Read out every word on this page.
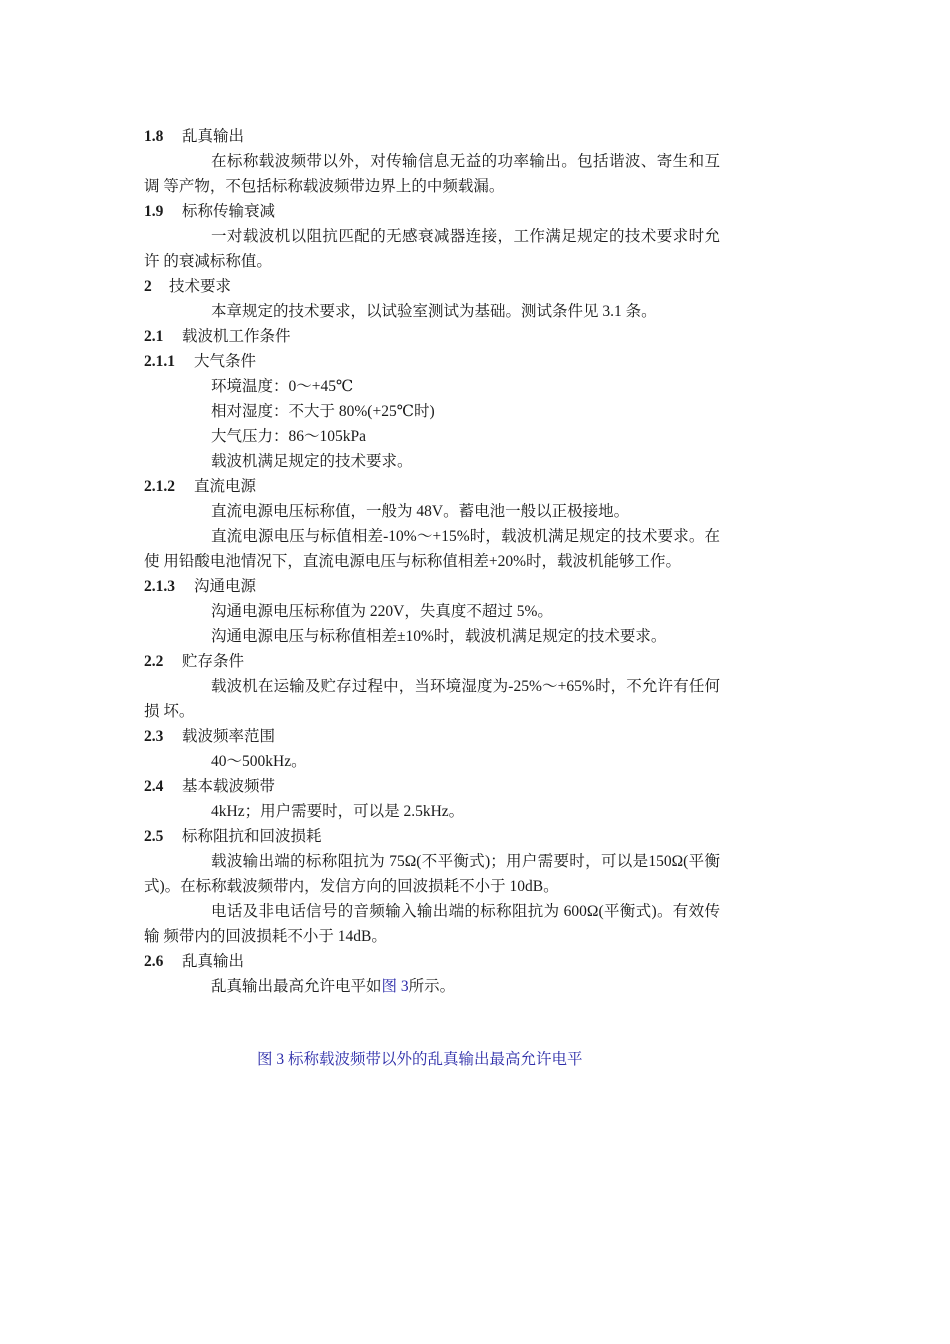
1.8 乱真输出
在标称载波频带以外，对传输信息无益的功率输出。包括谐波、寄生和互调 等产物，不包括标称载波频带边界上的中频载漏。
1.9 标称传输衰减
一对载波机以阻抗匹配的无感衰减器连接，工作满足规定的技术要求时允许 的衰减标称值。
2 技术要求
本章规定的技术要求，以试验室测试为基础。测试条件见 3.1 条。
2.1 载波机工作条件
2.1.1 大气条件
环境温度：0～+45℃
相对湿度：不大于 80%(+25℃时)
大气压力：86～105kPa
载波机满足规定的技术要求。
2.1.2 直流电源
直流电源电压标称值，一般为 48V。蓄电池一般以正极接地。
直流电源电压与标值相差-10%～+15%时，载波机满足规定的技术要求。在使 用铅酸电池情况下，直流电源电压与标称值相差+20%时，载波机能够工作。
2.1.3 沟通电源
沟通电源电压标称值为 220V，失真度不超过 5%。
沟通电源电压与标称值相差±10%时，载波机满足规定的技术要求。
2.2 贮存条件
载波机在运输及贮存过程中，当环境湿度为-25%～+65%时，不允许有任何损 坏。
2.3 载波频率范围
40～500kHz。
2.4 基本载波频带
4kHz；用户需要时，可以是 2.5kHz。
2.5 标称阻抗和回波损耗
载波输出端的标称阻抗为 75Ω(不平衡式)；用户需要时，可以是150Ω(平衡 式)。在标称载波频带内，发信方向的回波损耗不小于 10dB。
电话及非电话信号的音频输入输出端的标称阻抗为 600Ω(平衡式)。有效传输 频带内的回波损耗不小于 14dB。
2.6 乱真输出
乱真输出最高允许电平如图 3所示。
图 3 标称载波频带以外的乱真输出最高允许电平
